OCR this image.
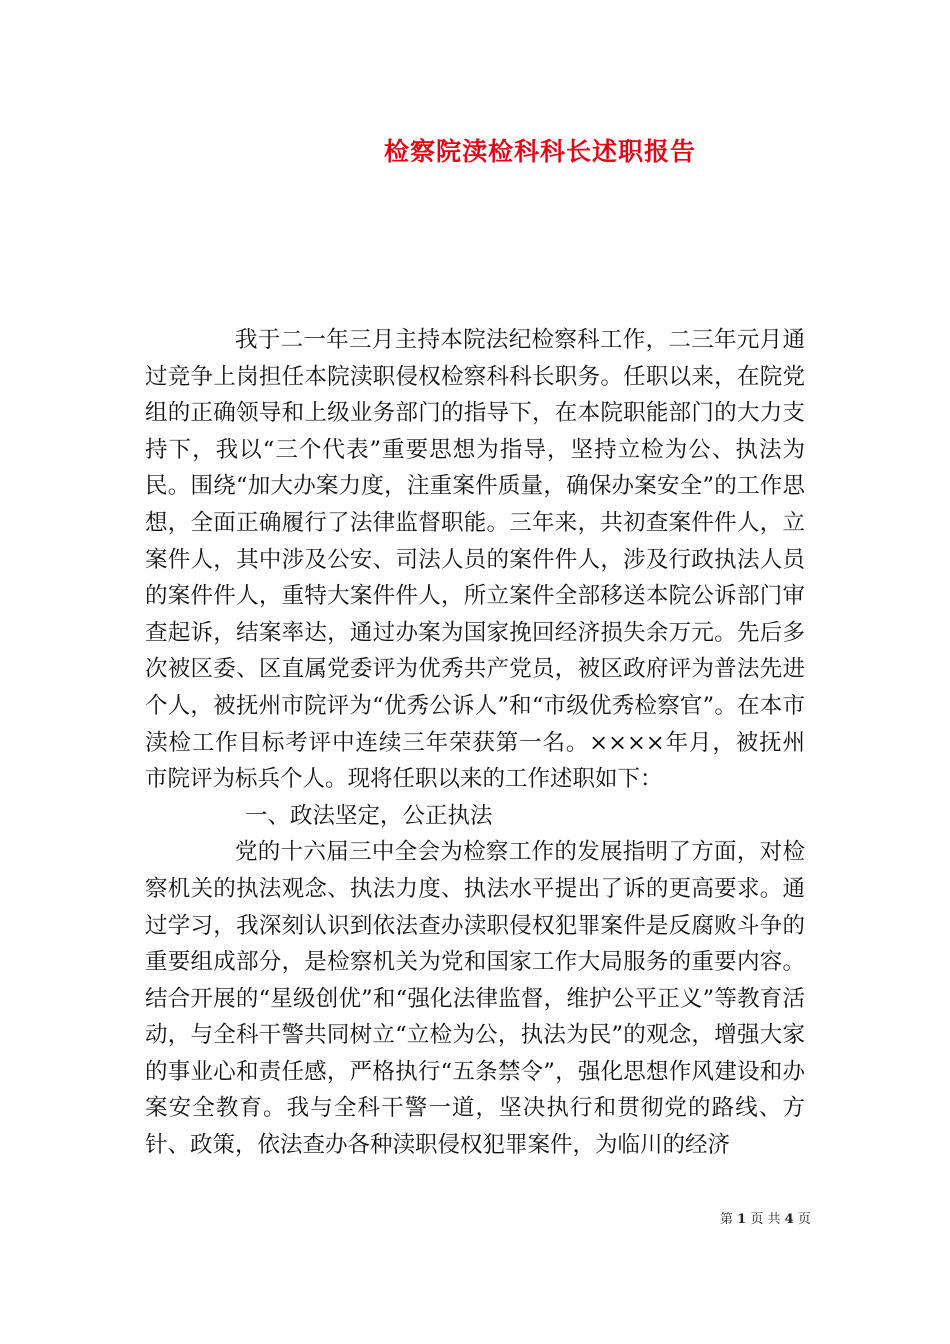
检察院渎检科科长述职报告

我于二一年三月主持本院法纪检察科工作，二三年元月通过竞争上岗担任本院渎职侵权检察科科长职务。任职以来，在院党组的正确领导和上级业务部门的指导下，在本院职能部门的大力支持下，我以“三个代表”重要思想为指导，坚持立检为公、执法为民。围绕“加大办案力度，注重案件质量，确保办案安全”的工作思想，全面正确履行了法律监督职能。三年来，共初查案件件人，立案件人，其中涉及公安、司法人员的案件件人，涉及行政执法人员的案件件人，重特大案件件人，所立案件全部移送本院公诉部门审查起诉，结案率达，通过办案为国家挽回经济损失余万元。先后多次被区委、区直属党委评为优秀共产党员，被区政府评为普法先进个人，被抚州市院评为“优秀公诉人”和“市级优秀检察官”。在本市渎检工作目标考评中连续三年荣获第一名。××××年月，被抚州市院评为标兵个人。现将任职以来的工作述职如下：

一、政法坚定，公正执法

党的十六届三中全会为检察工作的发展指明了方面，对检察机关的执法观念、执法力度、执法水平提出了诉的更高要求。通过学习，我深刻认识到依法查办渎职侵权犯罪案件是反腐败斗争的重要组成部分，是检察机关为党和国家工作大局服务的重要内容。结合开展的“星级创优”和“强化法律监督，维护公平正义”等教育活动，与全科干警共同树立“立检为公，执法为民”的观念，增强大家的事业心和责任感，严格执行“五条禁令”，强化思想作风建设和办案安全教育。我与全科干警一道，坚决执行和贯彻党的路线、方针、政策，依法查办各种渎职侵权犯罪案件，为临川的经济

第 1 页 共 4 页
